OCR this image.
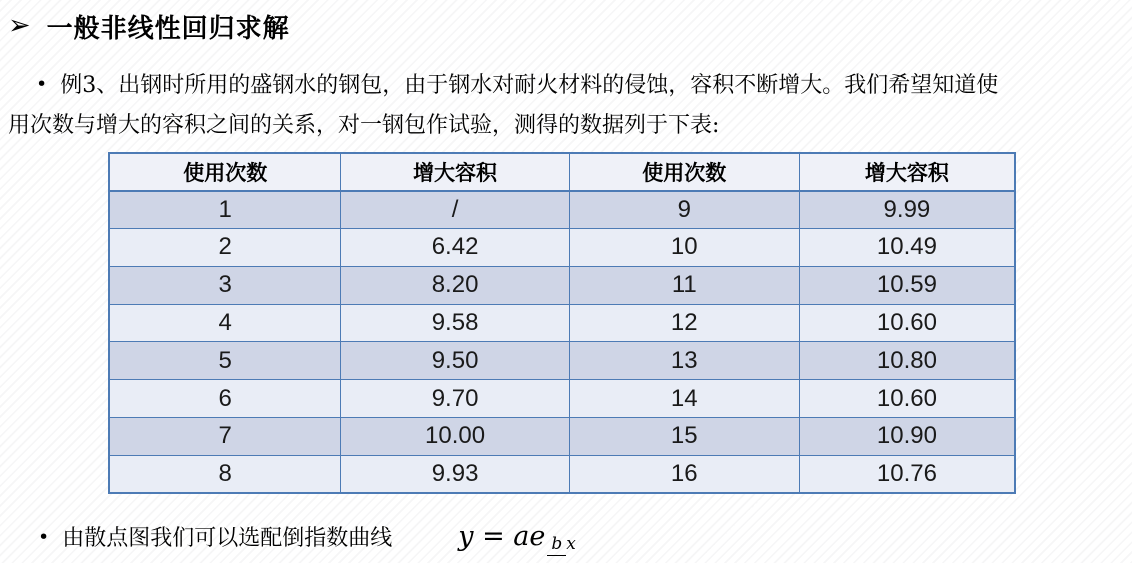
➢ 一般非线性回归求解
• 例3、出钢时所用的盛钢水的钢包，由于钢水对耐火材料的侵蚀，容积不断增大。我们希望知道使
用次数与增大的容积之间的关系，对一钢包作试验，测得的数据列于下表:
使用次数	增大容积	使用次数	增大容积
1	/	9	9.99
2	6.42	10	10.49
3	8.20	11	10.59
4	9.58	12	10.60
5	9.50	13	10.80
6	9.70	14	10.60
7	10.00	15	10.90
8	9.93	16	10.76
• 由散点图我们可以选配倒指数曲线 y = ae b x
